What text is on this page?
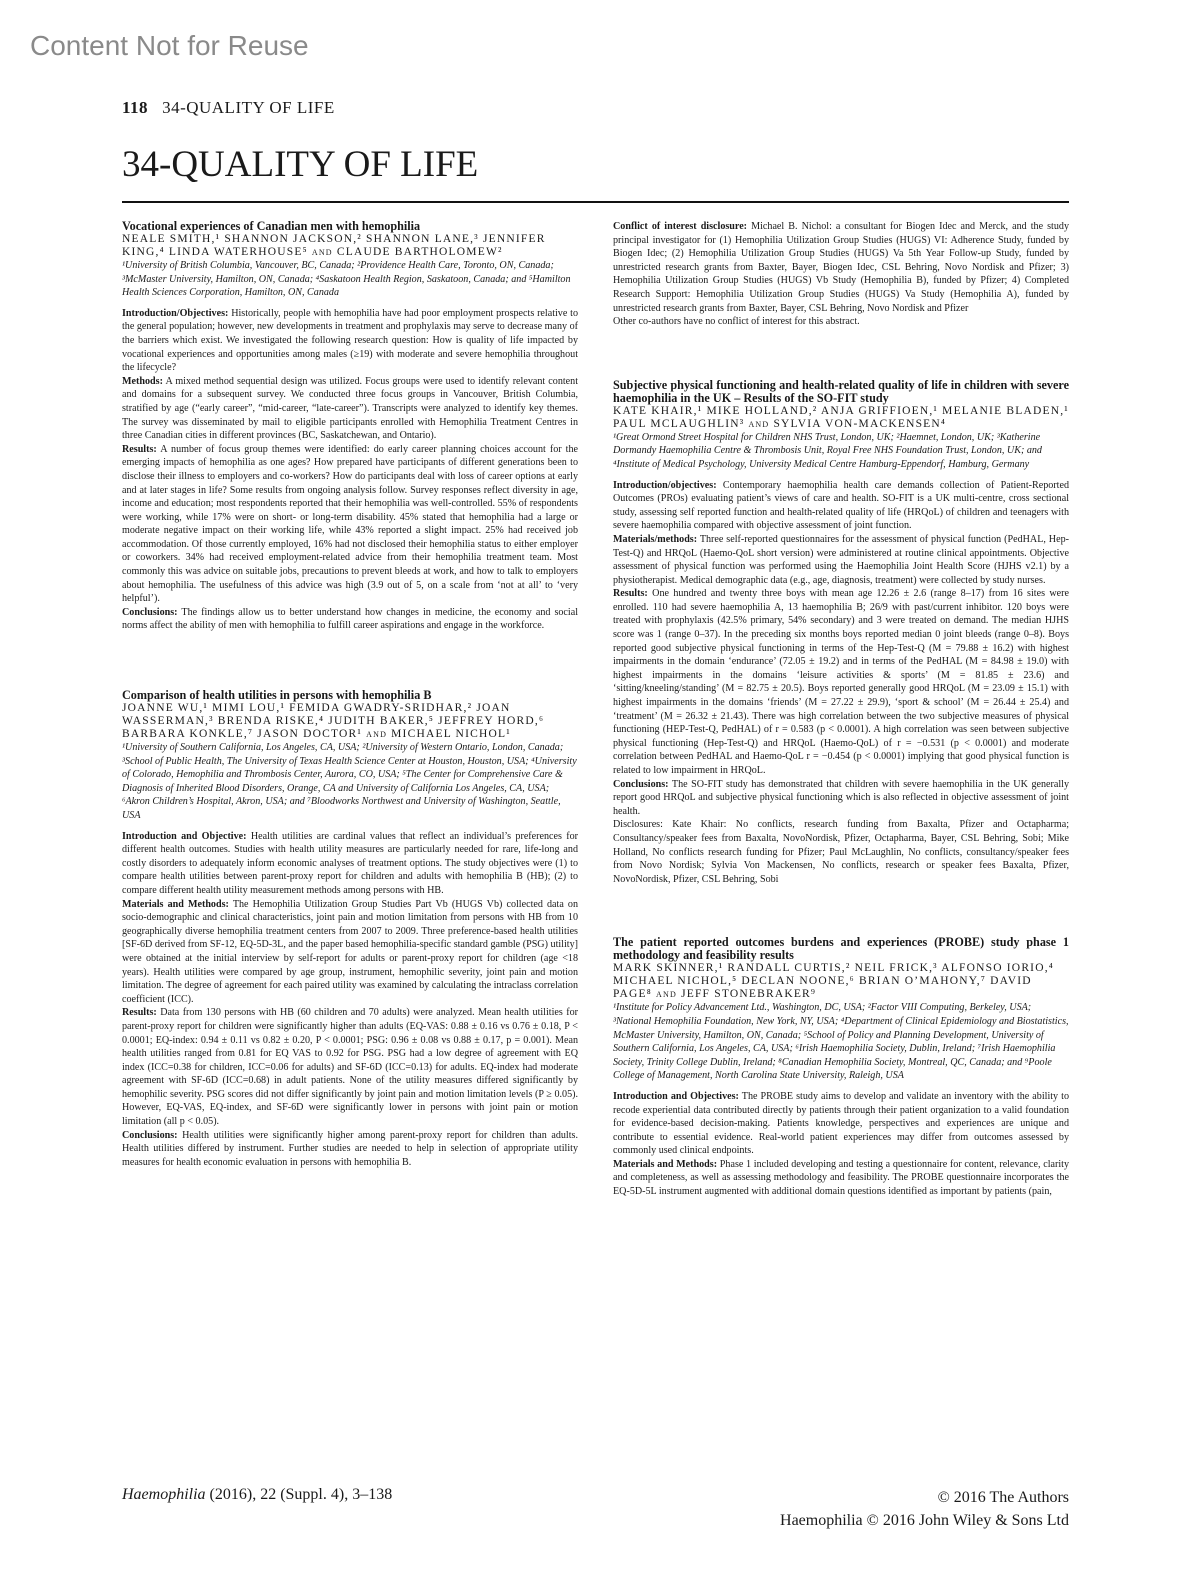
Content Not for Reuse
118 34-QUALITY OF LIFE
34-QUALITY OF LIFE

Vocational experiences of Canadian men with hemophilia

NEALE SMITH,¹ SHANNON JACKSON,² SHANNON LANE,³ JENNIFER KING,⁴ LINDA WATERHOUSE⁵ and CLAUDE BARTHOLOMEW²
¹University of British Columbia, Vancouver, BC, Canada; ²Providence Health Care, Toronto, ON, Canada; ³McMaster University, Hamilton, ON, Canada; ⁴Saskatoon Health Region, Saskatoon, Canada; and ⁵Hamilton Health Sciences Corporation, Hamilton, ON, Canada

Introduction/Objectives: Historically, people with hemophilia have had poor employment prospects relative to the general population; however, new developments in treatment and prophylaxis may serve to decrease many of the barriers which exist. We investigated the following research question: How is quality of life impacted by vocational experiences and opportunities among males (≥19) with moderate and severe hemophilia throughout the lifecycle?

Methods: A mixed method sequential design was utilized. Focus groups were used to identify relevant content and domains for a subsequent survey. We conducted three focus groups in Vancouver, British Columbia, stratified by age (“early career”, “mid-career, “late-career”). Transcripts were analyzed to identify key themes. The survey was disseminated by mail to eligible participants enrolled with Hemophilia Treatment Centres in three Canadian cities in different provinces (BC, Saskatchewan, and Ontario).

Results: A number of focus group themes were identified: do early career planning choices account for the emerging impacts of hemophilia as one ages? How prepared have participants of different generations been to disclose their illness to employers and co-workers? How do participants deal with loss of career options at early and at later stages in life? Some results from ongoing analysis follow. Survey responses reflect diversity in age, income and education; most respondents reported that their hemophilia was well-controlled. 55% of respondents were working, while 17% were on short- or long-term disability. 45% stated that hemophilia had a large or moderate negative impact on their working life, while 43% reported a slight impact. 25% had received job accommodation. Of those currently employed, 16% had not disclosed their hemophilia status to either employer or coworkers. 34% had received employment-related advice from their hemophilia treatment team. Most commonly this was advice on suitable jobs, precautions to prevent bleeds at work, and how to talk to employers about hemophilia. The usefulness of this advice was high (3.9 out of 5, on a scale from ‘not at all’ to ‘very helpful’).

Conclusions: The findings allow us to better understand how changes in medicine, the economy and social norms affect the ability of men with hemophilia to fulfill career aspirations and engage in the workforce.

Comparison of health utilities in persons with hemophilia B

JOANNE WU,¹ MIMI LOU,¹ FEMIDA GWADRY-SRIDHAR,² JOAN WASSERMAN,³ BRENDA RISKE,⁴ JUDITH BAKER,⁵ JEFFREY HORD,⁶ BARBARA KONKLE,⁷ JASON DOCTOR¹ and MICHAEL NICHOL¹
¹University of Southern California, Los Angeles, CA, USA; ²University of Western Ontario, London, Canada; ³School of Public Health, The University of Texas Health Science Center at Houston, Houston, USA; ⁴University of Colorado, Hemophilia and Thrombosis Center, Aurora, CO, USA; ⁵The Center for Comprehensive Care & Diagnosis of Inherited Blood Disorders, Orange, CA and University of California Los Angeles, CA, USA; ⁶Akron Children’s Hospital, Akron, USA; and ⁷Bloodworks Northwest and University of Washington, Seattle, USA

Introduction and Objective: Health utilities are cardinal values that reflect an individual’s preferences for different health outcomes. Studies with health utility measures are particularly needed for rare, life-long and costly disorders to adequately inform economic analyses of treatment options. The study objectives were (1) to compare health utilities between parent-proxy report for children and adults with hemophilia B (HB); (2) to compare different health utility measurement methods among persons with HB.

Materials and Methods: The Hemophilia Utilization Group Studies Part Vb (HUGS Vb) collected data on socio-demographic and clinical characteristics, joint pain and motion limitation from persons with HB from 10 geographically diverse hemophilia treatment centers from 2007 to 2009. Three preference-based health utilities [SF-6D derived from SF-12, EQ-5D-3L, and the paper based hemophilia-specific standard gamble (PSG) utility] were obtained at the initial interview by self-report for adults or parent-proxy report for children (age <18 years). Health utilities were compared by age group, instrument, hemophilic severity, joint pain and motion limitation. The degree of agreement for each paired utility was examined by calculating the intraclass correlation coefficient (ICC).

Results: Data from 130 persons with HB (60 children and 70 adults) were analyzed. Mean health utilities for parent-proxy report for children were significantly higher than adults (EQ-VAS: 0.88 ± 0.16 vs 0.76 ± 0.18, P < 0.0001; EQ-index: 0.94 ± 0.11 vs 0.82 ± 0.20, P < 0.0001; PSG: 0.96 ± 0.08 vs 0.88 ± 0.17, p = 0.001). Mean health utilities ranged from 0.81 for EQ VAS to 0.92 for PSG. PSG had a low degree of agreement with EQ index (ICC=0.38 for children, ICC=0.06 for adults) and SF-6D (ICC=0.13) for adults. EQ-index had moderate agreement with SF-6D (ICC=0.68) in adult patients. None of the utility measures differed significantly by hemophilic severity. PSG scores did not differ significantly by joint pain and motion limitation levels (P ≥ 0.05). However, EQ-VAS, EQ-index, and SF-6D were significantly lower in persons with joint pain or motion limitation (all p < 0.05).

Conclusions: Health utilities were significantly higher among parent-proxy report for children than adults. Health utilities differed by instrument. Further studies are needed to help in selection of appropriate utility measures for health economic evaluation in persons with hemophilia B.

Conflict of interest disclosure: Michael B. Nichol: a consultant for Biogen Idec and Merck, and the study principal investigator for (1) Hemophilia Utilization Group Studies (HUGS) VI: Adherence Study, funded by Biogen Idec; (2) Hemophilia Utilization Group Studies (HUGS) Va 5th Year Follow-up Study, funded by unrestricted research grants from Baxter, Bayer, Biogen Idec, CSL Behring, Novo Nordisk and Pfizer; 3) Hemophilia Utilization Group Studies (HUGS) Vb Study (Hemophilia B), funded by Pfizer; 4) Completed Research Support: Hemophilia Utilization Group Studies (HUGS) Va Study (Hemophilia A), funded by unrestricted research grants from Baxter, Bayer, CSL Behring, Novo Nordisk and Pfizer

Other co-authors have no conflict of interest for this abstract.

Subjective physical functioning and health-related quality of life in children with severe haemophilia in the UK – Results of the SO-FIT study

KATE KHAIR,¹ MIKE HOLLAND,² ANJA GRIFFIOEN,¹ MELANIE BLADEN,¹ PAUL MCLAUGHLIN³ and SYLVIA VON-MACKENSEN⁴
¹Great Ormond Street Hospital for Children NHS Trust, London, UK; ²Haemnet, London, UK; ³Katherine Dormandy Haemophilia Centre & Thrombosis Unit, Royal Free NHS Foundation Trust, London, UK; and ⁴Institute of Medical Psychology, University Medical Centre Hamburg-Eppendorf, Hamburg, Germany

Introduction/objectives: Contemporary haemophilia health care demands collection of Patient-Reported Outcomes (PROs) evaluating patient’s views of care and health. SO-FIT is a UK multi-centre, cross sectional study, assessing self reported function and health-related quality of life (HRQoL) of children and teenagers with severe haemophilia compared with objective assessment of joint function.

Materials/methods: Three self-reported questionnaires for the assessment of physical function (PedHAL, Hep-Test-Q) and HRQoL (Haemo-QoL short version) were administered at routine clinical appointments. Objective assessment of physical function was performed using the Haemophilia Joint Health Score (HJHS v2.1) by a physiotherapist. Medical demographic data (e.g., age, diagnosis, treatment) were collected by study nurses.

Results: One hundred and twenty three boys with mean age 12.26 ± 2.6 (range 8–17) from 16 sites were enrolled. 110 had severe haemophilia A, 13 haemophilia B; 26/9 with past/current inhibitor. 120 boys were treated with prophylaxis (42.5% primary, 54% secondary) and 3 were treated on demand. The median HJHS score was 1 (range 0–37). In the preceding six months boys reported median 0 joint bleeds (range 0–8). Boys reported good subjective physical functioning in terms of the Hep-Test-Q (M = 79.88 ± 16.2) with highest impairments in the domain ‘endurance’ (72.05 ± 19.2) and in terms of the PedHAL (M = 84.98 ± 19.0) with highest impairments in the domains ‘leisure activities & sports’ (M = 81.85 ± 23.6) and ‘sitting/kneeling/standing’ (M = 82.75 ± 20.5). Boys reported generally good HRQoL (M = 23.09 ± 15.1) with highest impairments in the domains ‘friends’ (M = 27.22 ± 29.9), ‘sport & school’ (M = 26.44 ± 25.4) and ‘treatment’ (M = 26.32 ± 21.43). There was high correlation between the two subjective measures of physical functioning (HEP-Test-Q, PedHAL) of r = 0.583 (p < 0.0001). A high correlation was seen between subjective physical functioning (Hep-Test-Q) and HRQoL (Haemo-QoL) of r = −0.531 (p < 0.0001) and moderate correlation between PedHAL and Haemo-QoL r = −0.454 (p < 0.0001) implying that good physical function is related to low impairment in HRQoL.

Conclusions: The SO-FIT study has demonstrated that children with severe haemophilia in the UK generally report good HRQoL and subjective physical functioning which is also reflected in objective assessment of joint health.

Disclosures: Kate Khair: No conflicts, research funding from Baxalta, Pfizer and Octapharma; Consultancy/speaker fees from Baxalta, NovoNordisk, Pfizer, Octapharma, Bayer, CSL Behring, Sobi; Mike Holland, No conflicts research funding for Pfizer; Paul McLaughlin, No conflicts, consultancy/speaker fees from Novo Nordisk; Sylvia Von Mackensen, No conflicts, research or speaker fees Baxalta, Pfizer, NovoNordisk, Pfizer, CSL Behring, Sobi

The patient reported outcomes burdens and experiences (PROBE) study phase 1 methodology and feasibility results

MARK SKINNER,¹ RANDALL CURTIS,² NEIL FRICK,³ ALFONSO IORIO,⁴ MICHAEL NICHOL,⁵ DECLAN NOONE,⁶ BRIAN O’MAHONY,⁷ DAVID PAGE⁸ and JEFF STONEBRAKER⁹
¹Institute for Policy Advancement Ltd., Washington, DC, USA; ²Factor VIII Computing, Berkeley, USA; ³National Hemophilia Foundation, New York, NY, USA; ⁴Department of Clinical Epidemiology and Biostatistics, McMaster University, Hamilton, ON, Canada; ⁵School of Policy and Planning Development, University of Southern California, Los Angeles, CA, USA; ⁶Irish Haemophilia Society, Dublin, Ireland; ⁷Irish Haemophilia Society, Trinity College Dublin, Ireland; ⁸Canadian Hemophilia Society, Montreal, QC, Canada; and ⁹Poole College of Management, North Carolina State University, Raleigh, USA

Introduction and Objectives: The PROBE study aims to develop and validate an inventory with the ability to recode experiential data contributed directly by patients through their patient organization to a valid foundation for evidence-based decision-making. Patients knowledge, perspectives and experiences are unique and contribute to essential evidence. Real-world patient experiences may differ from outcomes assessed by commonly used clinical endpoints.

Materials and Methods: Phase 1 included developing and testing a questionnaire for content, relevance, clarity and completeness, as well as assessing methodology and feasibility. The PROBE questionnaire incorporates the EQ-5D-5L instrument augmented with additional domain questions identified as important by patients (pain,

Haemophilia (2016), 22 (Suppl. 4), 3–138	© 2016 The Authors
Haemophilia © 2016 John Wiley & Sons Ltd
